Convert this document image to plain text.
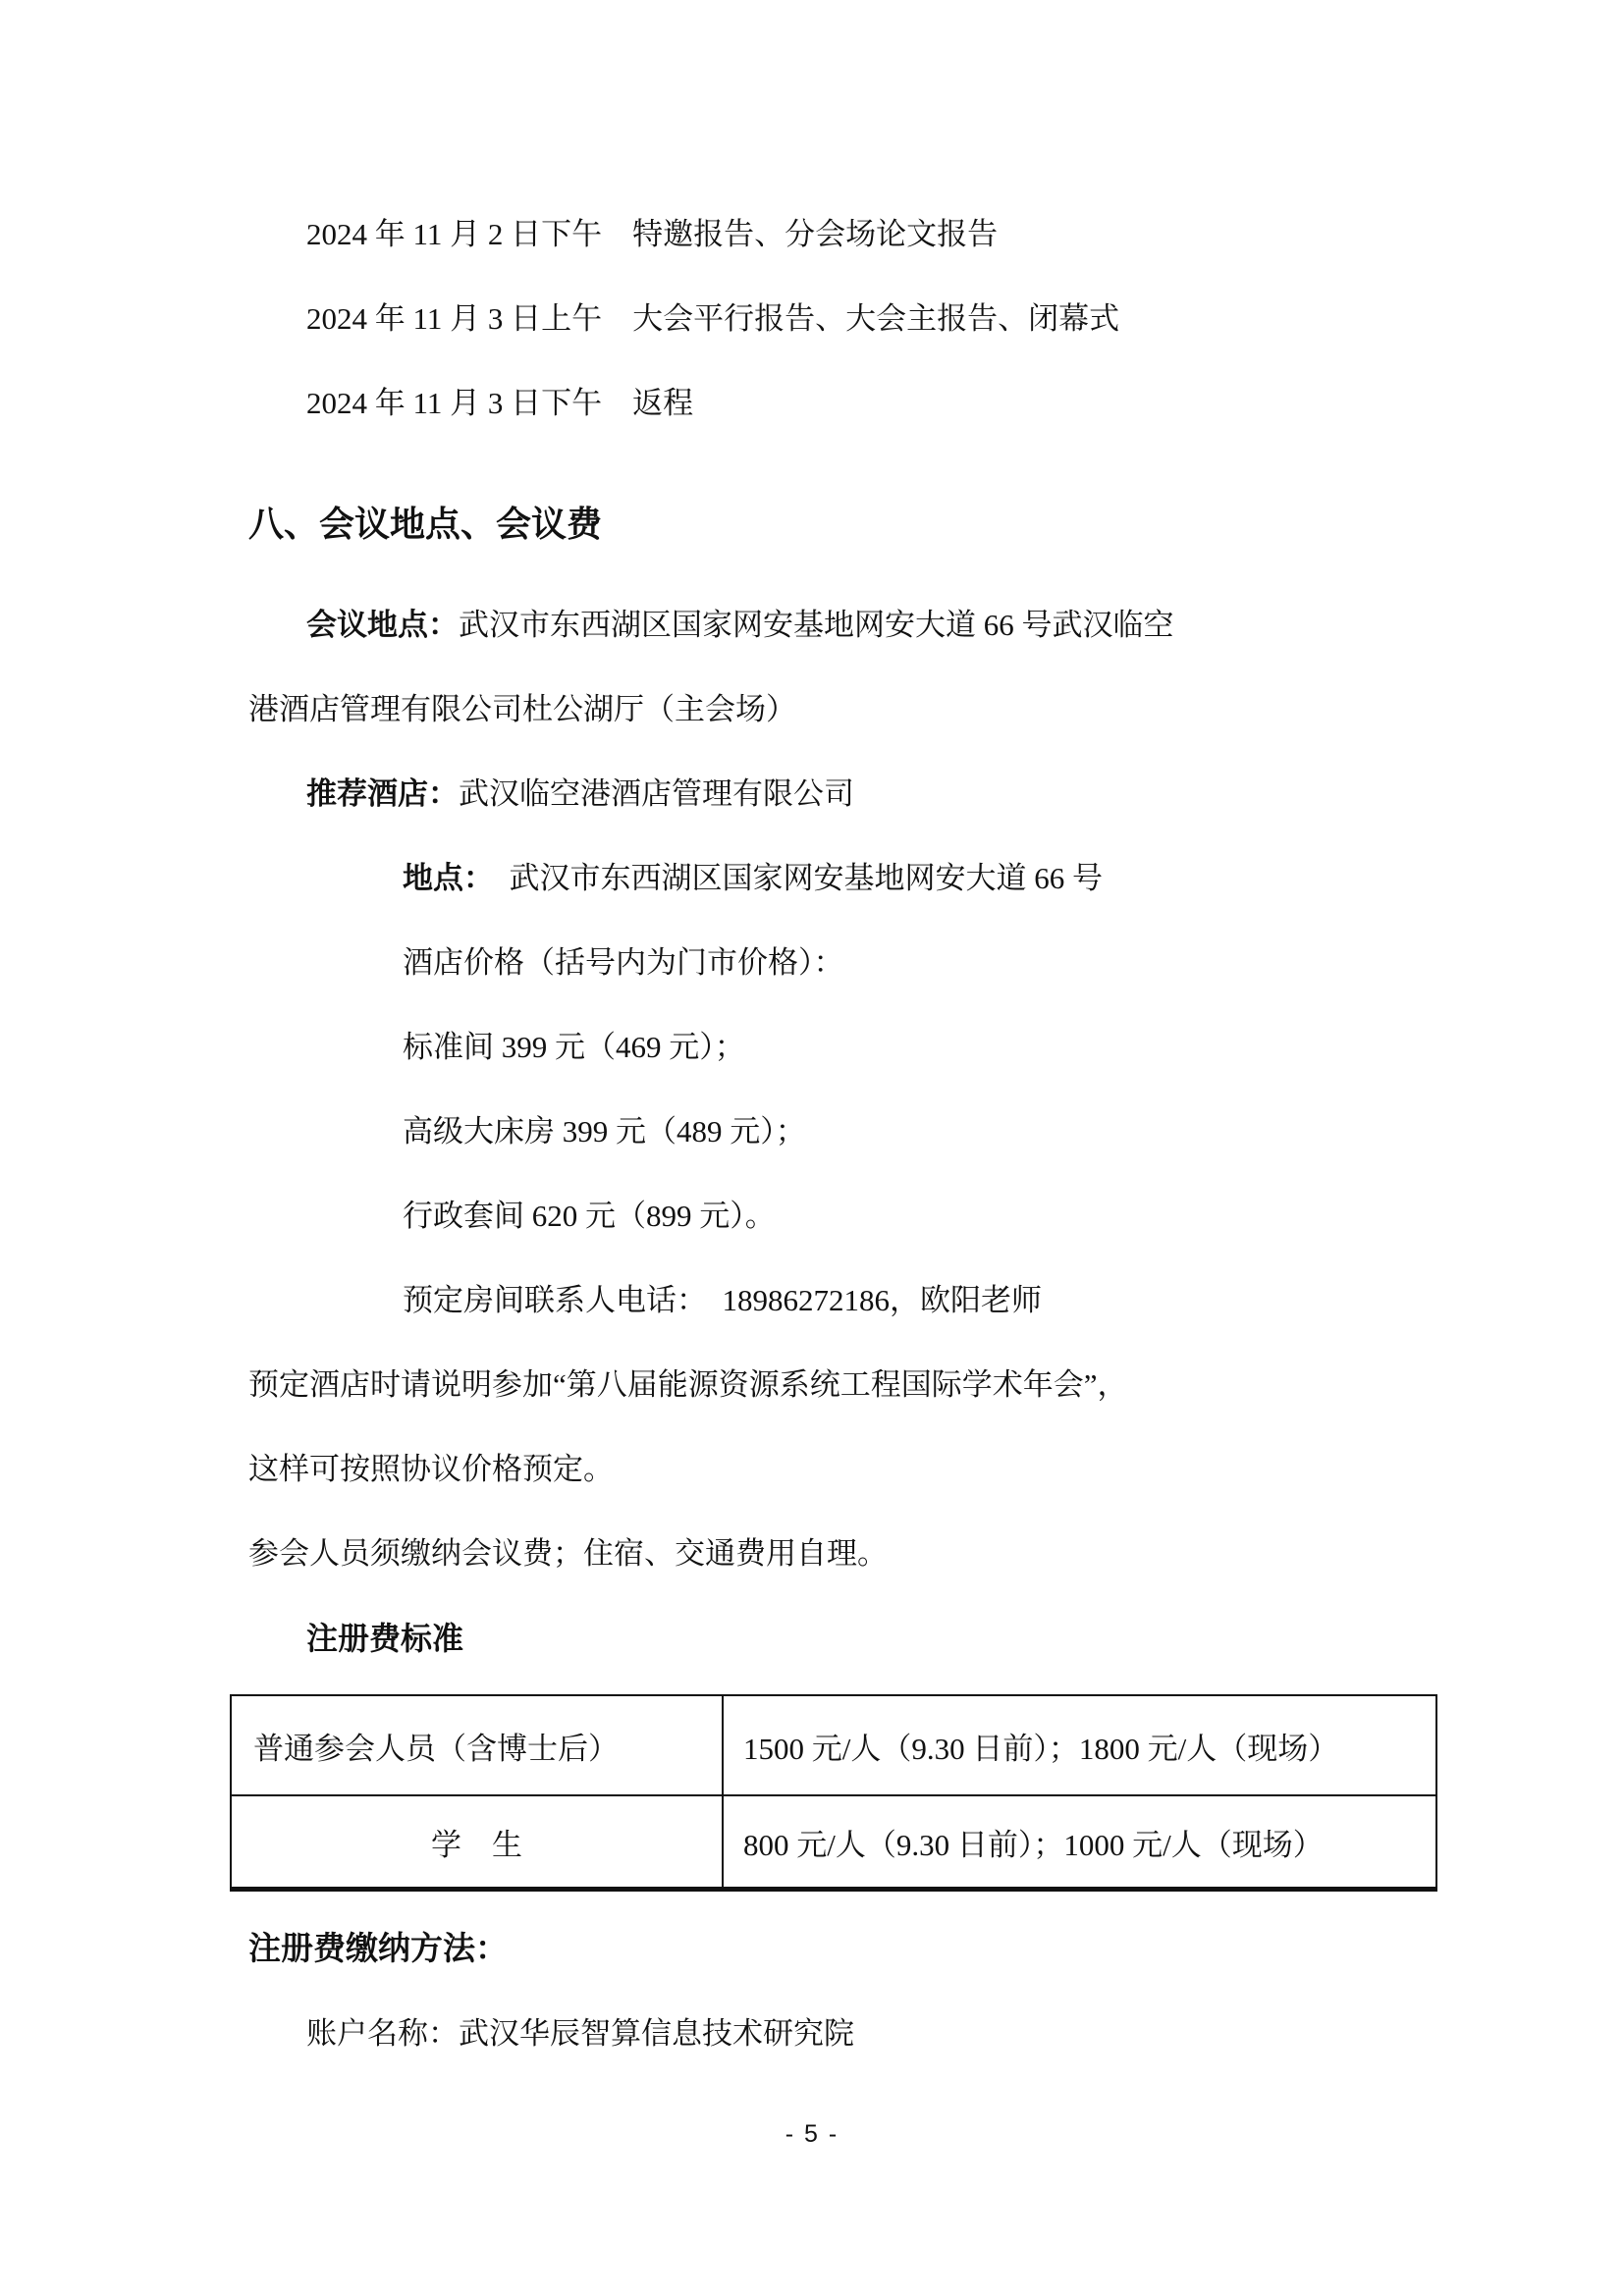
2024 年 11 月 2 日下午　特邀报告、分会场论文报告
2024 年 11 月 3 日上午　大会平行报告、大会主报告、闭幕式
2024 年 11 月 3 日下午　返程
八、会议地点、会议费
会议地点：武汉市东西湖区国家网安基地网安大道 66 号武汉临空
港酒店管理有限公司杜公湖厅（主会场）
推荐酒店：武汉临空港酒店管理有限公司
地点：　武汉市东西湖区国家网安基地网安大道 66 号
酒店价格（括号内为门市价格）：
标准间 399 元（469 元）；
高级大床房 399 元（489 元）；
行政套间 620 元（899 元）。
预定房间联系人电话：　18986272186，欧阳老师
预定酒店时请说明参加“第八届能源资源系统工程国际学术年会”，
这样可按照协议价格预定。
参会人员须缴纳会议费；住宿、交通费用自理。
注册费标准
普通参会人员（含博士后）	1500 元/人（9.30 日前）；1800 元/人（现场）
学　生	800 元/人（9.30 日前）；1000 元/人（现场）
注册费缴纳方法：
账户名称：武汉华辰智算信息技术研究院
- 5 -
